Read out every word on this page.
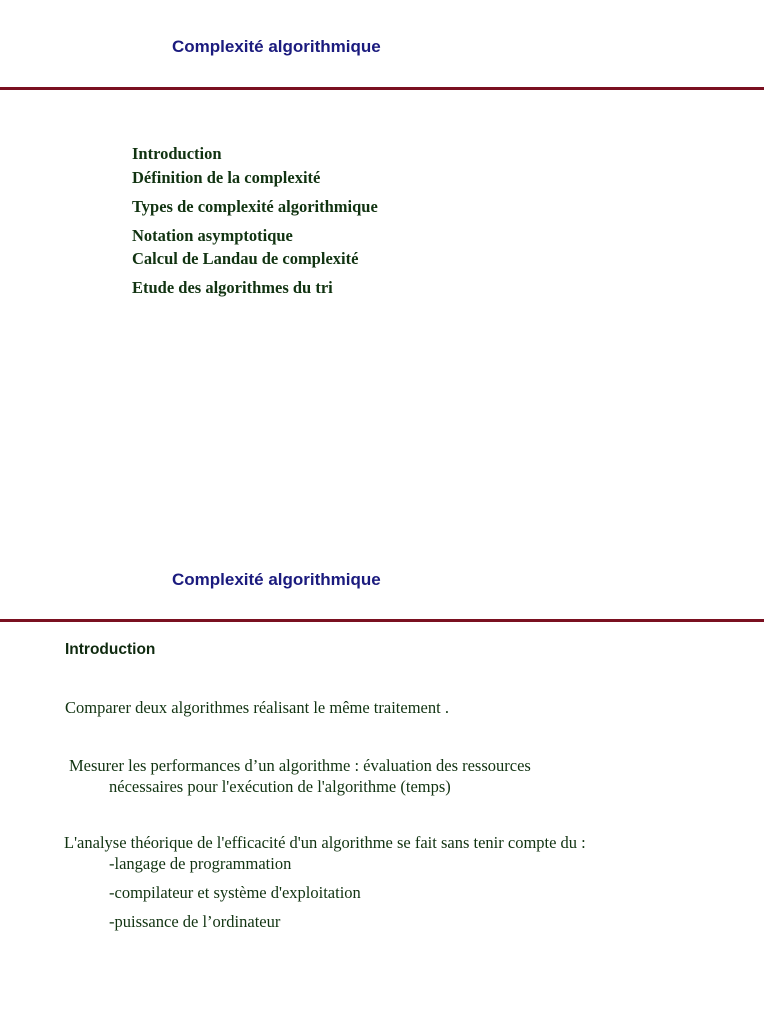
Complexité algorithmique
Introduction
Définition de la complexité
Types de complexité algorithmique
Notation asymptotique
Calcul de Landau de complexité
Etude des algorithmes du tri
Complexité algorithmique
Introduction
Comparer deux algorithmes réalisant le même traitement .
Mesurer les performances d’un algorithme : évaluation des ressources
nécessaires pour l'exécution de l'algorithme (temps)
L'analyse théorique de l'efficacité d'un algorithme se fait sans tenir compte du :
-langage de programmation
-compilateur et système d'exploitation
-puissance de l’ordinateur
